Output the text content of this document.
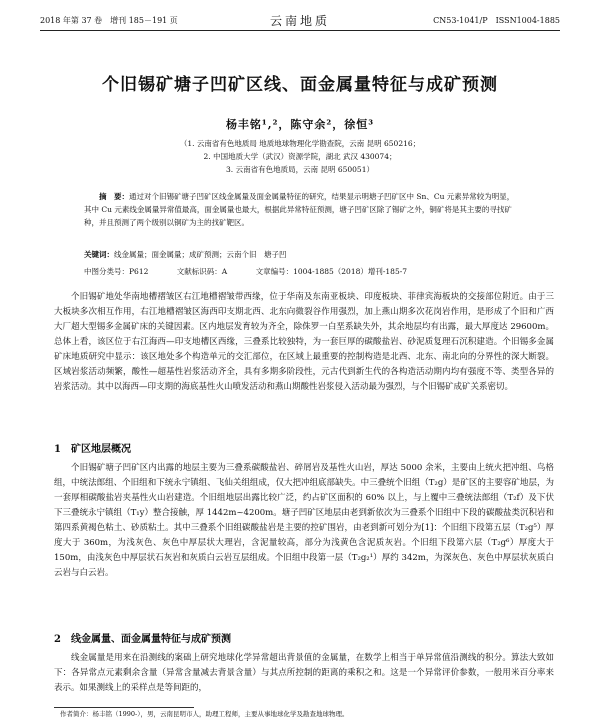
2018 年第 37 卷　增刊 185－191 页	云南地质	CN53-1041/P　ISSN1004-1885
个旧锡矿塘子凹矿区线、面金属量特征与成矿预测
杨丰铭¹,²，陈守余²，徐恒³
（1. 云南省有色地质局 地质地球物理化学勘查院，云南 昆明 650216；
2. 中国地质大学（武汉）资源学院，湖北 武汉 430074；
3. 云南省有色地质局，云南 昆明 650051）

摘　要：通过对个旧锡矿塘子凹矿区线金属量及面金属量特征的研究，结果显示明塘子凹矿区中 Sn、Cu 元素异常较为明显，其中 Cu 元素线金属量异常值最高，面金属量也最大，根据此异常特征预测，塘子凹矿区除了锡矿之外，铜矿将是其主要的寻找矿种，并且预测了两个级别以铜矿为主的找矿靶区。

关键词：线金属量；面金属量；成矿预测；云南个旧　塘子凹
中图分类号：P612	文献标识码：A	文章编号：1004-1885（2018）增刊-185-7

个旧锡矿地处华南地槽褶皱区右江地槽褶皱带西缘，位于华南及东南亚板块、印度板块、菲律宾海板块的交接部位附近。由于三大板块多次相互作用，右江地槽褶皱区海西印支期北西、北东向微裂谷作用强烈，加上燕山期多次花岗岩作用，是形成了个旧和广西大厂超大型锡多金属矿床的关键因素。区内地层发育较为齐全，除侏罗一白垩系缺失外，其余地层均有出露，最大厚度达 29600m。总体上看，该区位于右江海西—印支地槽区西缘，三叠系比较独特，为一套巨厚的碳酸盐岩、砂泥质复理石沉积建造。个旧锡多金属矿床地质研究中显示：该区地处多个构造单元的交汇部位，在区域上最重要的控制构造是北西、北东、南北向的分界性的深大断裂。区域岩浆活动频繁，酸性—超基性岩浆活动齐全，具有多期多阶段性，元古代到新生代的各构造活动期内均有强度不等、类型各异的岩浆活动。其中以海西—印支期的海底基性火山喷发活动和燕山期酸性岩浆侵入活动最为强烈，与个旧锡矿成矿关系密切。

1　矿区地层概况

个旧锡矿塘子凹矿区内出露的地层主要为三叠系碳酸盐岩、碎屑岩及基性火山岩，厚达 5000 余米，主要由上统火把冲组、鸟格组，中统法郎组、个旧组和下统永宁镇组、飞仙关组组成，仅大把冲组底部缺失。中三叠统个旧组（T₂g）是矿区的主要容矿地层，为一套厚相碳酸盐岩夹基性火山岩建造。个旧组地层出露比较广泛，约占矿区面积的 60% 以上，与上覆中三叠统法郎组（T₂f）及下伏下三叠统永宁镇组（T₁y）整合接触，厚 1442m~4200m。塘子凹矿区地层由老到新依次为三叠系个旧组中下段的碳酸盐类沉积岩和第四系黄褐色粘土、砂质粘土。其中三叠系个旧组碳酸盐岩是主要的控矿围岩，由老到新可划分为[1]：个旧组下段第五层（T₂g⁵）厚度大于 360m，为浅灰色、灰色中厚层状大理岩，含泥量较高，部分为浅黄色含泥质灰岩。个旧组下段第六层（T₂g⁶）厚度大于 150m，由浅灰色中厚层状石灰岩和灰质白云岩互层组成。个旧组中段第一层（T₂g₂¹）厚约 342m，为深灰色、灰色中厚层状灰质白云岩与白云岩。

2　线金属量、面金属量特征与成矿预测

线金属量是用来在沿测线的案础上研究地球化学异常超出背景值的金属量，在数学上相当于单异常值沿测线的积分。算法大致如下：各异常点元素剩余含量（异常含量减去背景含量）与其点所控制的距离的乘积之和。这是一个异常评价参数，一般用米百分率来表示。如果测线上的采样点是等间距的，

作者简介：杨丰铭（1990-），男，云南昆明市人，助理工程师，主要从事地球化学及勘查地球物理。
